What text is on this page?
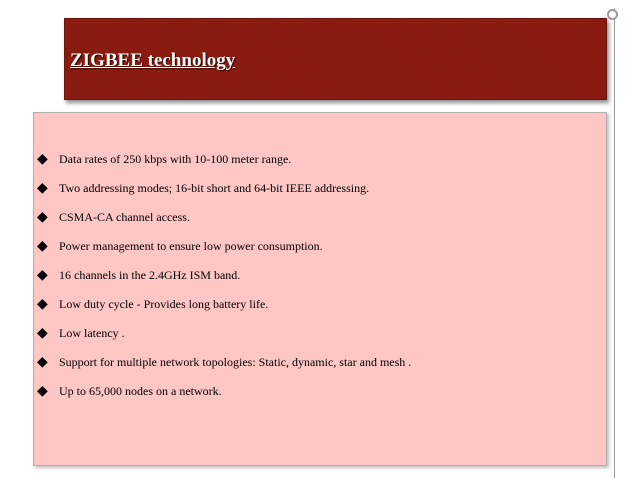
ZIGBEE technology
◆ Data rates of 250 kbps with 10-100 meter range.
◆ Two addressing modes; 16-bit short and 64-bit IEEE addressing.
◆ CSMA-CA channel access.
◆ Power management to ensure low power consumption.
◆ 16 channels in the 2.4GHz ISM band.
◆ Low duty cycle - Provides long battery life.
◆ Low latency .
◆ Support for multiple network topologies: Static, dynamic, star and mesh .
◆ Up to 65,000 nodes on a network.
